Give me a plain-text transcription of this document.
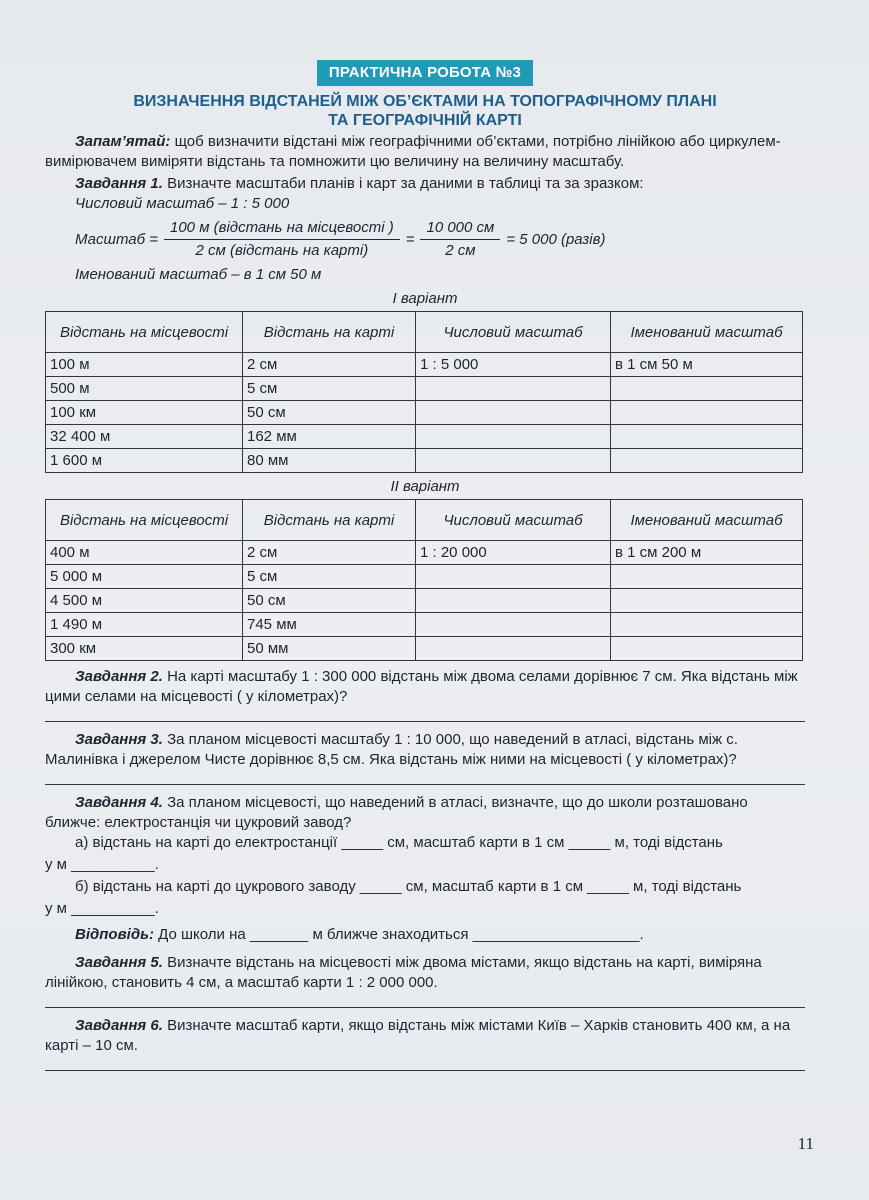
ПРАКТИЧНА РОБОТА №3
ВИЗНАЧЕННЯ ВІДСТАНЕЙ МІЖ ОБ’ЄКТАМИ НА ТОПОГРАФІЧНОМУ ПЛАНІ
ТА ГЕОГРАФІЧНІЙ КАРТІ

Запам’ятай: щоб визначити відстані між географічними об’єктами, потрібно лінійкою або циркулем-вимірювачем виміряти відстань та помножити цю величину на величину масштабу.

Завдання 1. Визначте масштаби планів і карт за даними в таблиці та за зразком:

Числовий масштаб – 1 : 5 000

Масштаб = $\frac{\text{100 м (відстань на місцевості )}}{\text{2 см (відстань на карті)}} = \frac{10 000 см}{2 см} = 5$ 000 (разів)

Іменований масштаб – в 1 см 50 м

І варіант
Відстань на місцевості	Відстань на карті	Числовий масштаб	Іменований масштаб
100 м	2 см	1 : 5 000	в 1 см 50 м
500 м	5 см		
100 км	50 см		
32 400 м	162 мм		
1 600 м	80 мм		
ІІ варіант
Відстань на місцевості	Відстань на карті	Числовий масштаб	Іменований масштаб
400 м	2 см	1 : 20 000	в 1 см 200 м
5 000 м	5 см		
4 500 м	50 см		
1 490 м	745 мм		
300 км	50 мм		

Завдання 2. На карті масштабу 1 : 300 000 відстань між двома селами дорівнює 7 см. Яка відстань між цими селами на місцевості ( у кілометрах)?

Завдання 3. За планом місцевості масштабу 1 : 10 000, що наведений в атласі, відстань між с. Малинівка і джерелом Чисте дорівнює 8,5 см. Яка відстань між ними на місцевості ( у кілометрах)?

Завдання 4. За планом місцевості, що наведений в атласі, визначте, що до школи розташовано ближче: електростанція чи цукровий завод?

а) відстань на карті до електростанції _____ см, масштаб карти в 1 см _____ м, тоді відстань

у м __________.

б) відстань на карті до цукрового заводу _____ см, масштаб карти в 1 см _____ м, тоді відстань

у м __________.

Відповідь: До школи на _______ м ближче знаходиться ____________________.

Завдання 5. Визначте відстань на місцевості між двома містами, якщо відстань на карті, виміряна лінійкою, становить 4 см, а масштаб карти 1 : 2 000 000.

Завдання 6. Визначте масштаб карти, якщо відстань між містами Київ – Харків становить 400 км, а на карті – 10 см.

11
